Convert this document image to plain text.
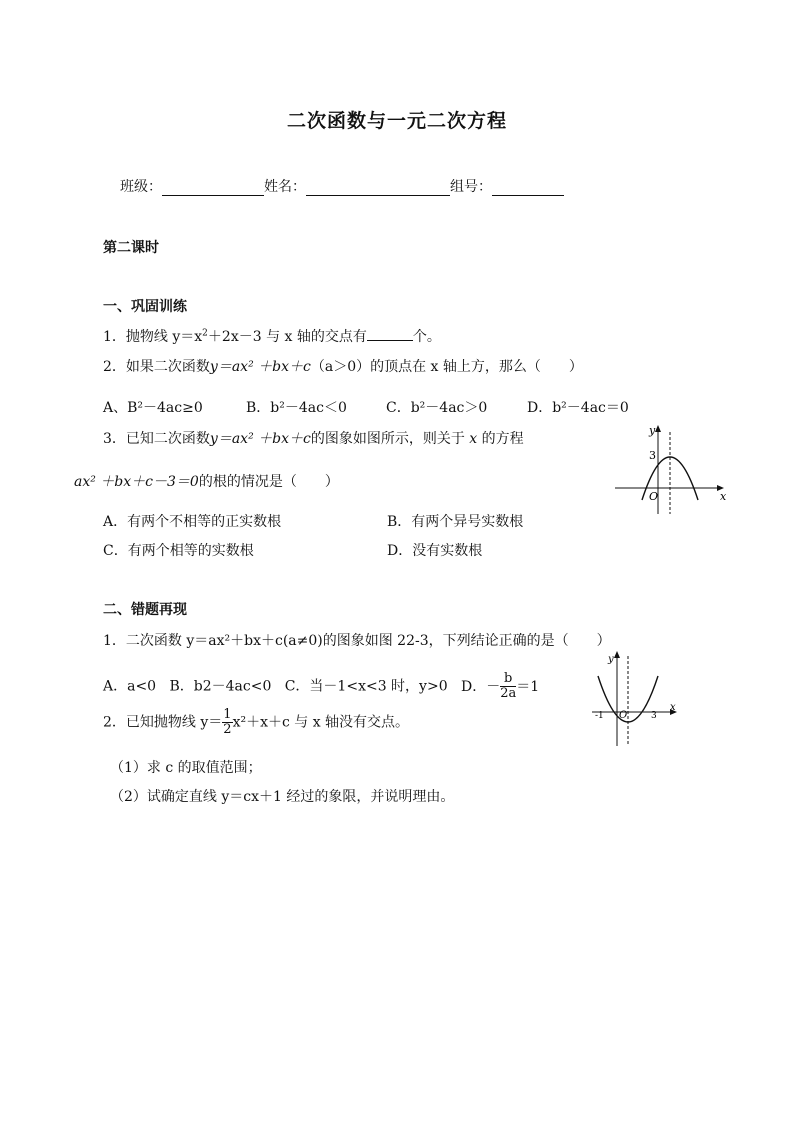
二次函数与一元二次方程
班级：	姓名：	组号：
第二课时
一、巩固训练
1．抛物线 $y=x^2+2x-3$ 与 x 轴的交点有	个。
2．如果二次函数y＝ax² ＋bx＋c（a＞0）的顶点在 x 轴上方，那么（　　）
A、B²－4ac≥0	B．b²－4ac＜0	C．b²－4ac＞0	D．b²－4ac＝0
3．已知二次函数y＝ax² ＋bx＋c的图象如图所示，则关于 x 的方程
ax² ＋bx＋c－3＝0的根的情况是（　　）
A．有两个不相等的正实数根	B．有两个异号实数根
C．有两个相等的实数根	D．没有实数根
y
x
O
3
二、错题再现
1．二次函数 y＝ax²＋bx＋c(a≠0)的图象如图 22-3，下列结论正确的是（　　）
A．a<0 B．b2－4ac<0 C．当－1<x<3 时，y>0 D．－ $\frac{b}{2a} =1$
2．已知抛物线 $y= \frac{1}{2} x^2+x+c$ 与 x 轴没有交点。
（1）求 c 的取值范围；
（2）试确定直线 y＝cx＋1 经过的象限，并说明理由。
y
x
O
-1	3
